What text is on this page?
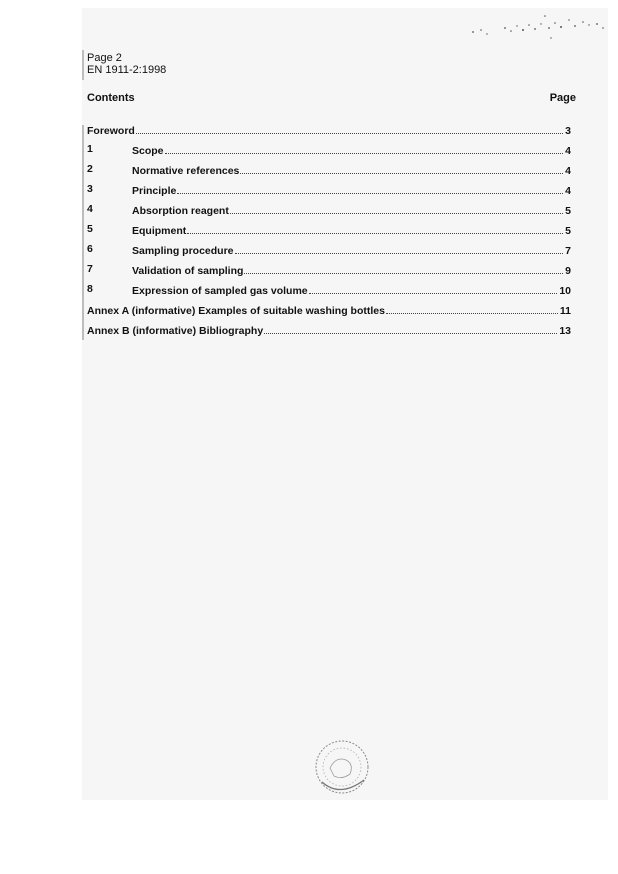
Page 2
EN 1911-2:1998
Contents	Page
Foreword	3
1	Scope	4
2	Normative references	4
3	Principle	4
4	Absorption reagent	5
5	Equipment	5
6	Sampling procedure	7
7	Validation of sampling	9
8	Expression of sampled gas volume	10
Annex A (informative) Examples of suitable washing bottles	11
Annex B (informative) Bibliography	13
